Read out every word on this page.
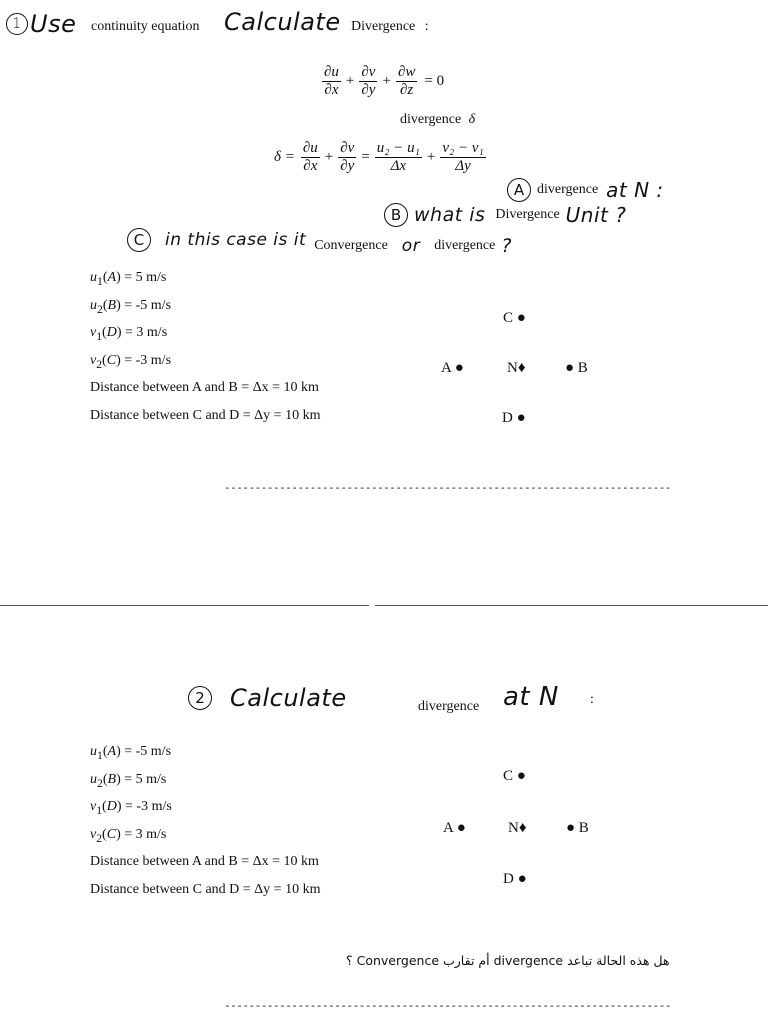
1 Use continuity equation Calculate Divergence :
$\frac{\partial u}{\partial x} + \frac{\partial v}{\partial y} + \frac{\partial w}{\partial z} = 0$
divergence δ
$\delta = \frac{\partial u}{\partial x} + \frac{\partial v}{\partial y} = \frac{\text{u₂ − u₁}}{\Delta x} + \frac{\text{v₂ − v₁}}{\Delta y}$
A divergence at N :
B what is Divergence Unit ?
C	in this case is it Convergence or divergence ?
$u_1(A) = 5$ m/s
$u_2(B) = -5$ m/s
$v_1(D) = 3$ m/s
$v_2(C) = -3$ m/s
Distance between A and B = Δx = 10 km
Distance between C and D = Δy = 10 km
C ●
A ●	N♦	● B
D ●
-------------------------------------------------------------------------
2	Calculate	divergence at N :
$u_1(A) = -5$ m/s
$u_2(B) = 5$ m/s
$v_1(D) = -3$ m/s
$v_2(C) = 3$ m/s
Distance between A and B = Δx = 10 km
Distance between C and D = Δy = 10 km
C ●
A ●	N♦	● B
D ●
هل هذه الحالة تباعد divergence أم تقارب Convergence ؟
-------------------------------------------------------------------------
